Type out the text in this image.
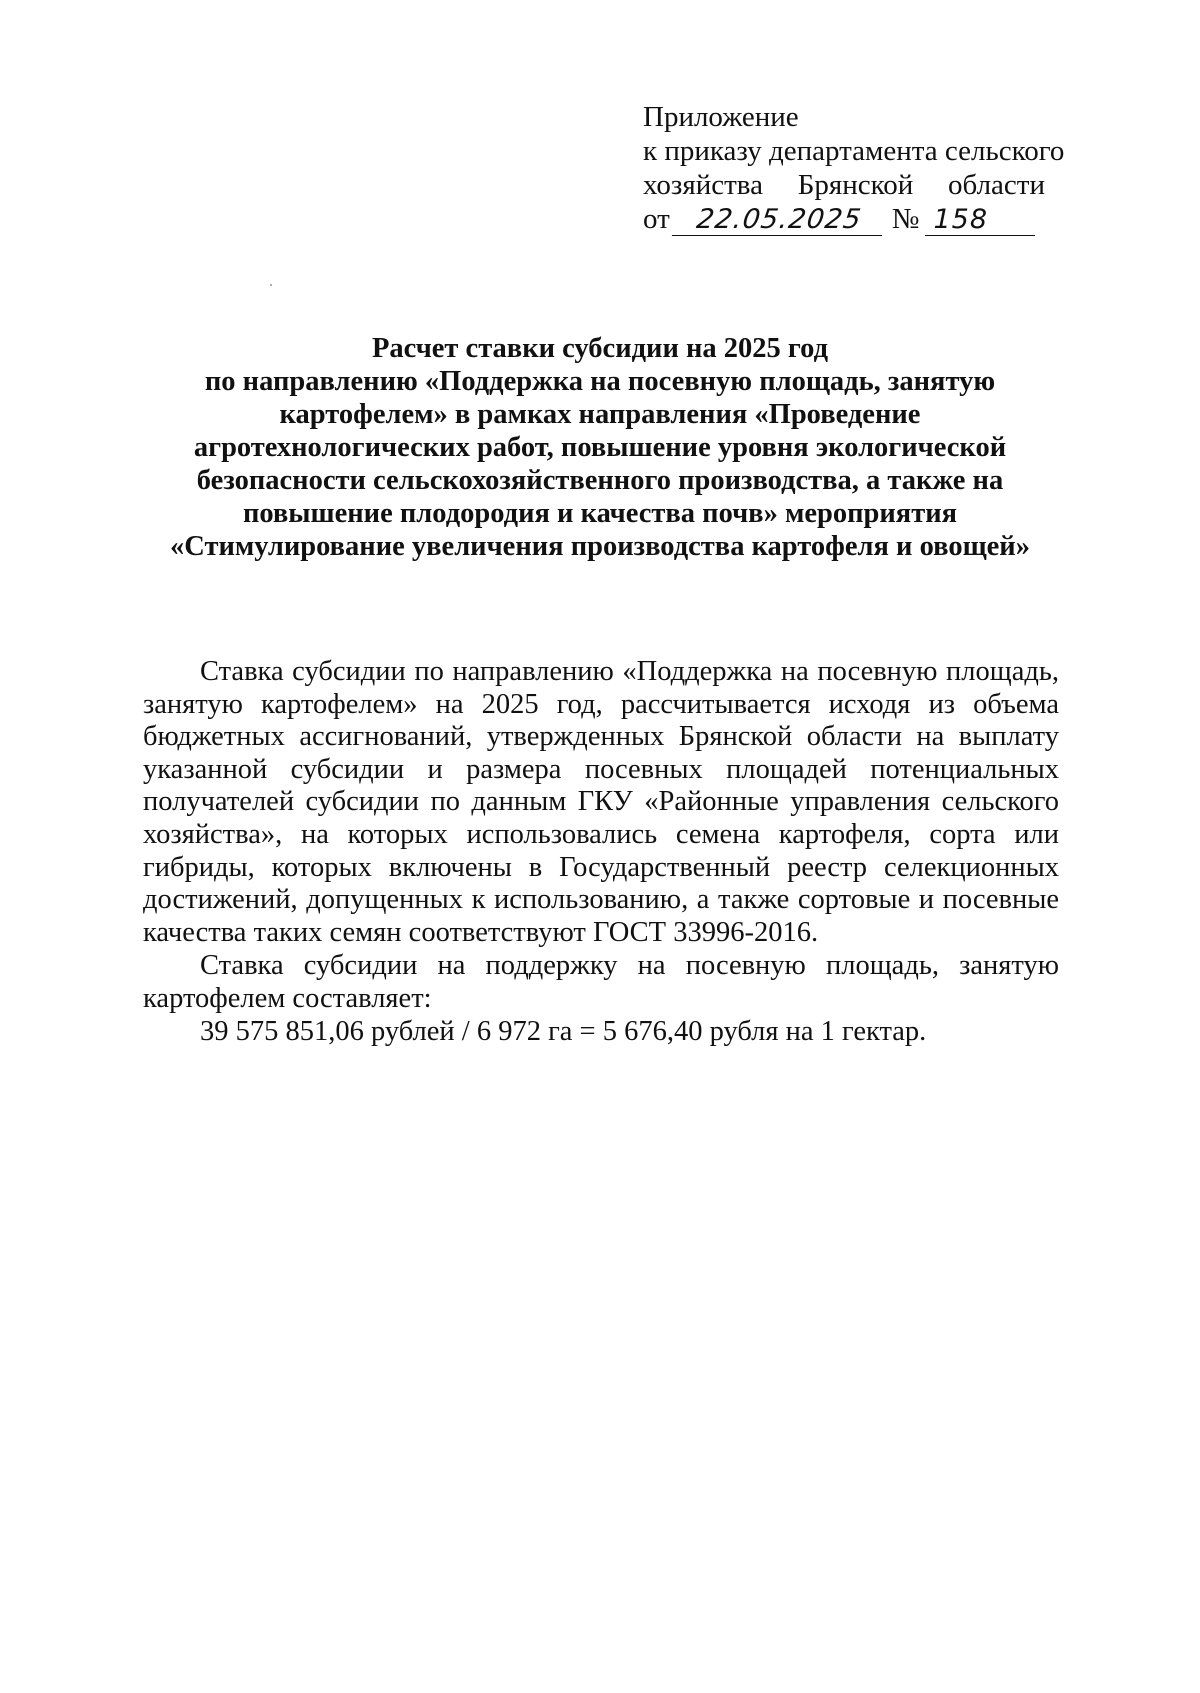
Приложение
к приказу департамента сельского
хозяйства Брянской области
от 22.05.2025 № 158
Расчет ставки субсидии на 2025 год
по направлению «Поддержка на посевную площадь, занятую
картофелем» в рамках направления «Проведение
агротехнологических работ, повышение уровня экологической
безопасности сельскохозяйственного производства, а также на
повышение плодородия и качества почв» мероприятия
«Стимулирование увеличения производства картофеля и овощей»

Ставка субсидии по направлению «Поддержка на посевную площадь, занятую картофелем» на 2025 год, рассчитывается исходя из объема бюджетных ассигнований, утвержденных Брянской области на выплату указанной субсидии и размера посевных площадей потенциальных получателей субсидии по данным ГКУ «Районные управления сельского хозяйства», на которых использовались семена картофеля, сорта или гибриды, которых включены в Государственный реестр селекционных достижений, допущенных к использованию, а также сортовые и посевные качества таких семян соответствуют ГОСТ 33996-2016.

Ставка субсидии на поддержку на посевную площадь, занятую картофелем составляет:

39 575 851,06 рублей / 6 972 га = 5 676,40 рубля на 1 гектар.
